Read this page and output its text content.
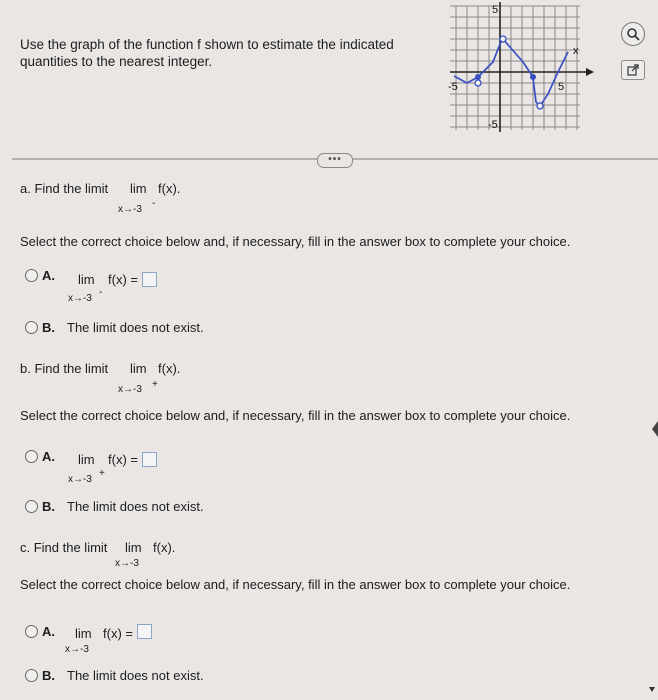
Use the graph of the function f shown to estimate the indicated
quantities to the nearest integer.
5
-5
-5	5
x
•••
a. Find the limit lim f(x).
x→-3
-
Select the correct choice below and, if necessary, fill in the answer box to complete your choice.
A. lim f(x) =
x→-3
-
B. The limit does not exist.
b. Find the limit lim f(x).
x→-3 +
Select the correct choice below and, if necessary, fill in the answer box to complete your choice.
A. lim f(x) =
x→-3
+
B. The limit does not exist.
c. Find the limit lim f(x).
x→-3
Select the correct choice below and, if necessary, fill in the answer box to complete your choice.
A. lim f(x) =
x→-3
B. The limit does not exist.
